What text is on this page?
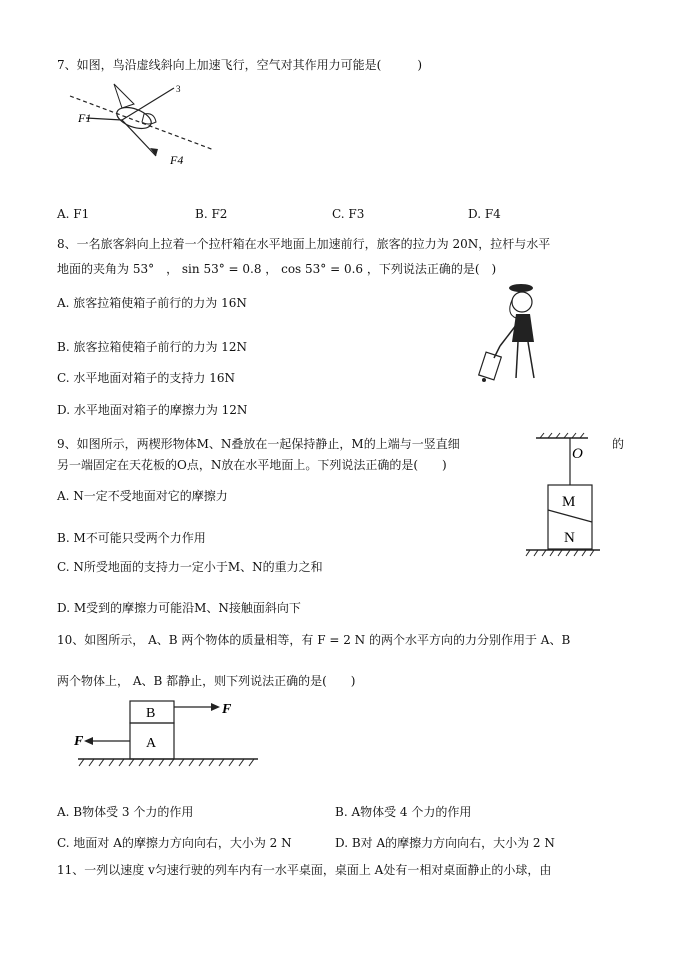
7、如图，鸟沿虚线斜向上加速飞行，空气对其作用力可能是(　　　)
F1
3
F4
A. F1	B. F2	C. F3	D. F4
8、一名旅客斜向上拉着一个拉杆箱在水平地面上加速前行，旅客的拉力为 20N，拉杆与水平
地面的夹角为 53°　， sin 53° = 0.8 ， cos 53° = 0.6 ，下列说法正确的是(　)
A. 旅客拉箱使箱子前行的力为 16N
B. 旅客拉箱使箱子前行的力为 12N
C. 水平地面对箱子的支持力 16N
D. 水平地面对箱子的摩擦力为 12N
9、如图所示，两楔形物体M、N叠放在一起保持静止，M的上端与一竖直细	的
另一端固定在天花板的O点，N放在水平地面上。下列说法正确的是(　　)
O
M
N
A. N一定不受地面对它的摩擦力
B. M不可能只受两个力作用
C. N所受地面的支持力一定小于M、N的重力之和
D. M受到的摩擦力可能沿M、N接触面斜向下
10、如图所示， A、B 两个物体的质量相等，有 F = 2 N 的两个水平方向的力分别作用于 A、B
两个物体上， A、B 都静止，则下列说法正确的是(　　)
B
A
F
F
A. B物体受 3 个力的作用	B. A物体受 4 个力的作用
C. 地面对 A的摩擦力方向向右，大小为 2 N	D. B对 A的摩擦力方向向右，大小为 2 N
11、一列以速度 v匀速行驶的列车内有一水平桌面，桌面上 A处有一相对桌面静止的小球，由
